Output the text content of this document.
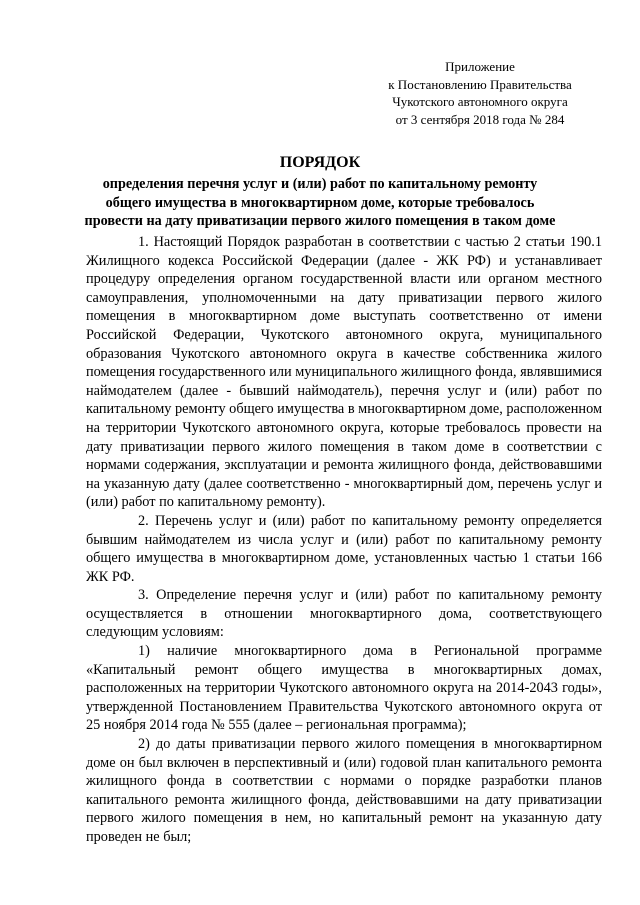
Приложение
к Постановлению Правительства
Чукотского автономного округа
от 3 сентября 2018 года № 284
ПОРЯДОК
определения перечня услуг и (или) работ по капитальному ремонту
общего имущества в многоквартирном доме, которые требовалось
провести на дату приватизации первого жилого помещения в таком доме

1. Настоящий Порядок разработан в соответствии с частью 2 статьи 190.1 Жилищного кодекса Российской Федерации (далее - ЖК РФ) и устанавливает процедуру определения органом государственной власти или органом местного самоуправления, уполномоченными на дату приватизации первого жилого помещения в многоквартирном доме выступать соответственно от имени Российской Федерации, Чукотского автономного округа, муниципального образования Чукотского автономного округа в качестве собственника жилого помещения государственного или муниципального жилищного фонда, являвшимися наймодателем (далее - бывший наймодатель), перечня услуг и (или) работ по капитальному ремонту общего имущества в многоквартирном доме, расположенном на территории Чукотского автономного округа, которые требовалось провести на дату приватизации первого жилого помещения в таком доме в соответствии с нормами содержания, эксплуатации и ремонта жилищного фонда, действовавшими на указанную дату (далее соответственно - многоквартирный дом, перечень услуг и (или) работ по капитальному ремонту).

2. Перечень услуг и (или) работ по капитальному ремонту определяется бывшим наймодателем из числа услуг и (или) работ по капитальному ремонту общего имущества в многоквартирном доме, установленных частью 1 статьи 166 ЖК РФ.

3. Определение перечня услуг и (или) работ по капитальному ремонту осуществляется в отношении многоквартирного дома, соответствующего следующим условиям:

1) наличие многоквартирного дома в Региональной программе «Капитальный ремонт общего имущества в многоквартирных домах, расположенных на территории Чукотского автономного округа на 2014-2043 годы», утвержденной Постановлением Правительства Чукотского автономного округа от 25 ноября 2014 года № 555 (далее – региональная программа);

2) до даты приватизации первого жилого помещения в многоквартирном доме он был включен в перспективный и (или) годовой план капитального ремонта жилищного фонда в соответствии с нормами о порядке разработки планов капитального ремонта жилищного фонда, действовавшими на дату приватизации первого жилого помещения в нем, но капитальный ремонт на указанную дату проведен не был;
